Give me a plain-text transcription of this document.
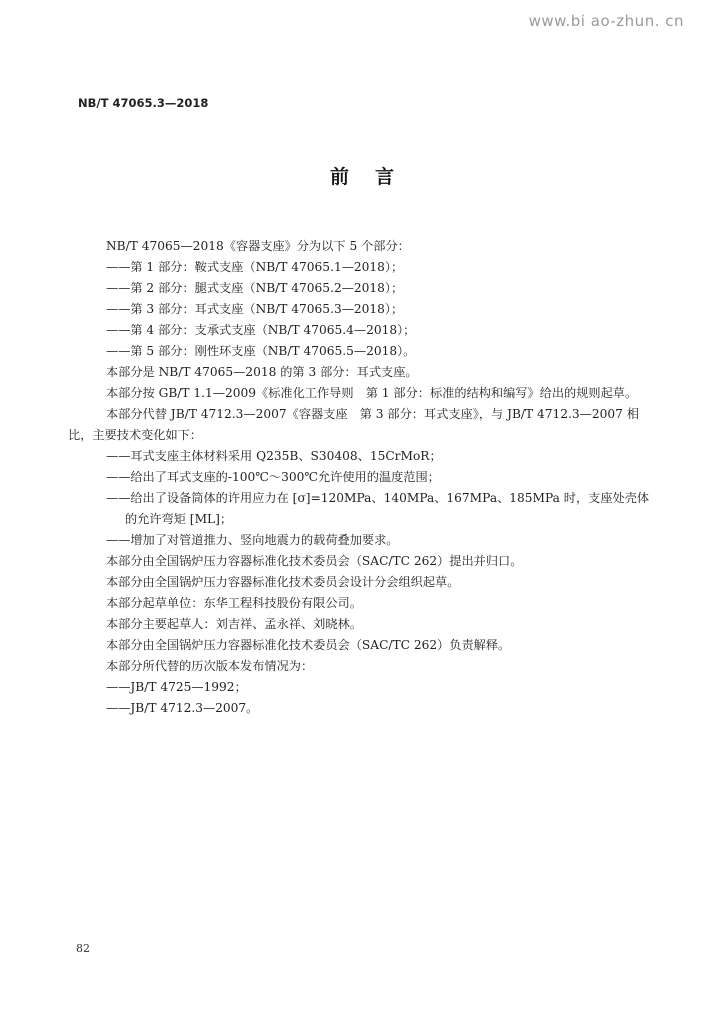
www.bi ao-zhun. cn
NB/T 47065.3—2018
前言
NB/T 47065—2018《容器支座》分为以下 5 个部分：
——第 1 部分：鞍式支座（NB/T 47065.1—2018）；
——第 2 部分：腿式支座（NB/T 47065.2—2018）；
——第 3 部分：耳式支座（NB/T 47065.3—2018）；
——第 4 部分：支承式支座（NB/T 47065.4—2018）；
——第 5 部分：刚性环支座（NB/T 47065.5—2018）。
本部分是 NB/T 47065—2018 的第 3 部分：耳式支座。
本部分按 GB/T 1.1—2009《标准化工作导则　第 1 部分：标准的结构和编写》给出的规则起草。
本部分代替 JB/T 4712.3—2007《容器支座　第 3 部分：耳式支座》，与 JB/T 4712.3—2007 相
比，主要技术变化如下：
——耳式支座主体材料采用 Q235B、S30408、15CrMoR；
——给出了耳式支座的-100℃～300℃允许使用的温度范围；
——给出了设备筒体的许用应力在 [σ]=120MPa、140MPa、167MPa、185MPa 时，支座处壳体
的允许弯矩 [ML]；
——增加了对管道推力、竖向地震力的载荷叠加要求。
本部分由全国锅炉压力容器标准化技术委员会（SAC/TC 262）提出并归口。
本部分由全国锅炉压力容器标准化技术委员会设计分会组织起草。
本部分起草单位：东华工程科技股份有限公司。
本部分主要起草人：刘吉祥、孟永祥、刘晓林。
本部分由全国锅炉压力容器标准化技术委员会（SAC/TC 262）负责解释。
本部分所代替的历次版本发布情况为：
——JB/T 4725—1992；
——JB/T 4712.3—2007。
82
